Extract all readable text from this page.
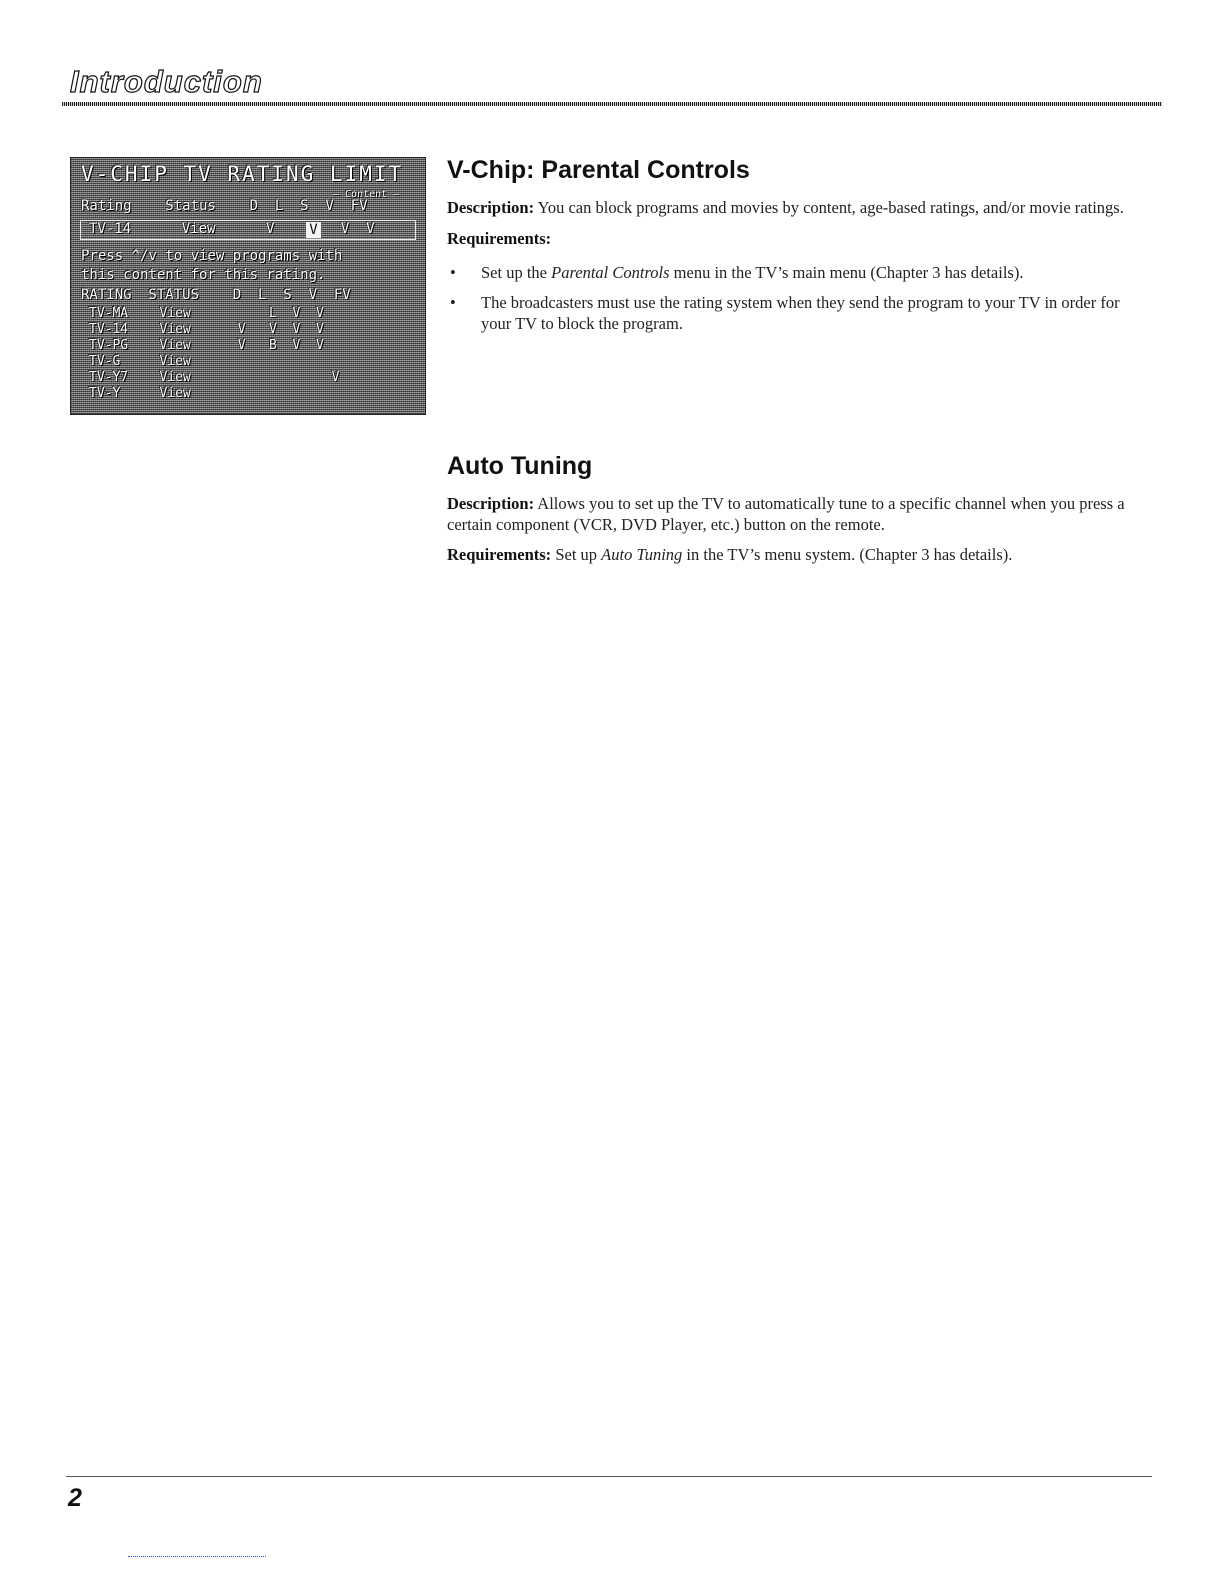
Introduction
V-CHIP TV RATING LIMIT
— Content —
Rating    Status    D  L  S  V  FV
TV-14      View      V V V  V
Press ^/v to view programs with
this content for this rating.
RATING  STATUS    D  L  S  V  FV
TV-MA    View          L  V  V
TV-14    View      V   V  V  V
TV-PG    View      V   B  V  V
TV-G     View
TV-Y7    View                  V
TV-Y     View
V-Chip: Parental Controls

Description: You can block programs and movies by content, age-based ratings, and/or movie ratings.

Requirements:

• Set up the Parental Controls menu in the TV’s main menu (Chapter 3 has details).

• The broadcasters must use the rating system when they send the program to your TV in order for your TV to block the program.

Auto Tuning

Description: Allows you to set up the TV to automatically tune to a specific channel when you press a certain component (VCR, DVD Player, etc.) button on the remote.

Requirements: Set up Auto Tuning in the TV’s menu system. (Chapter 3 has details).

2
